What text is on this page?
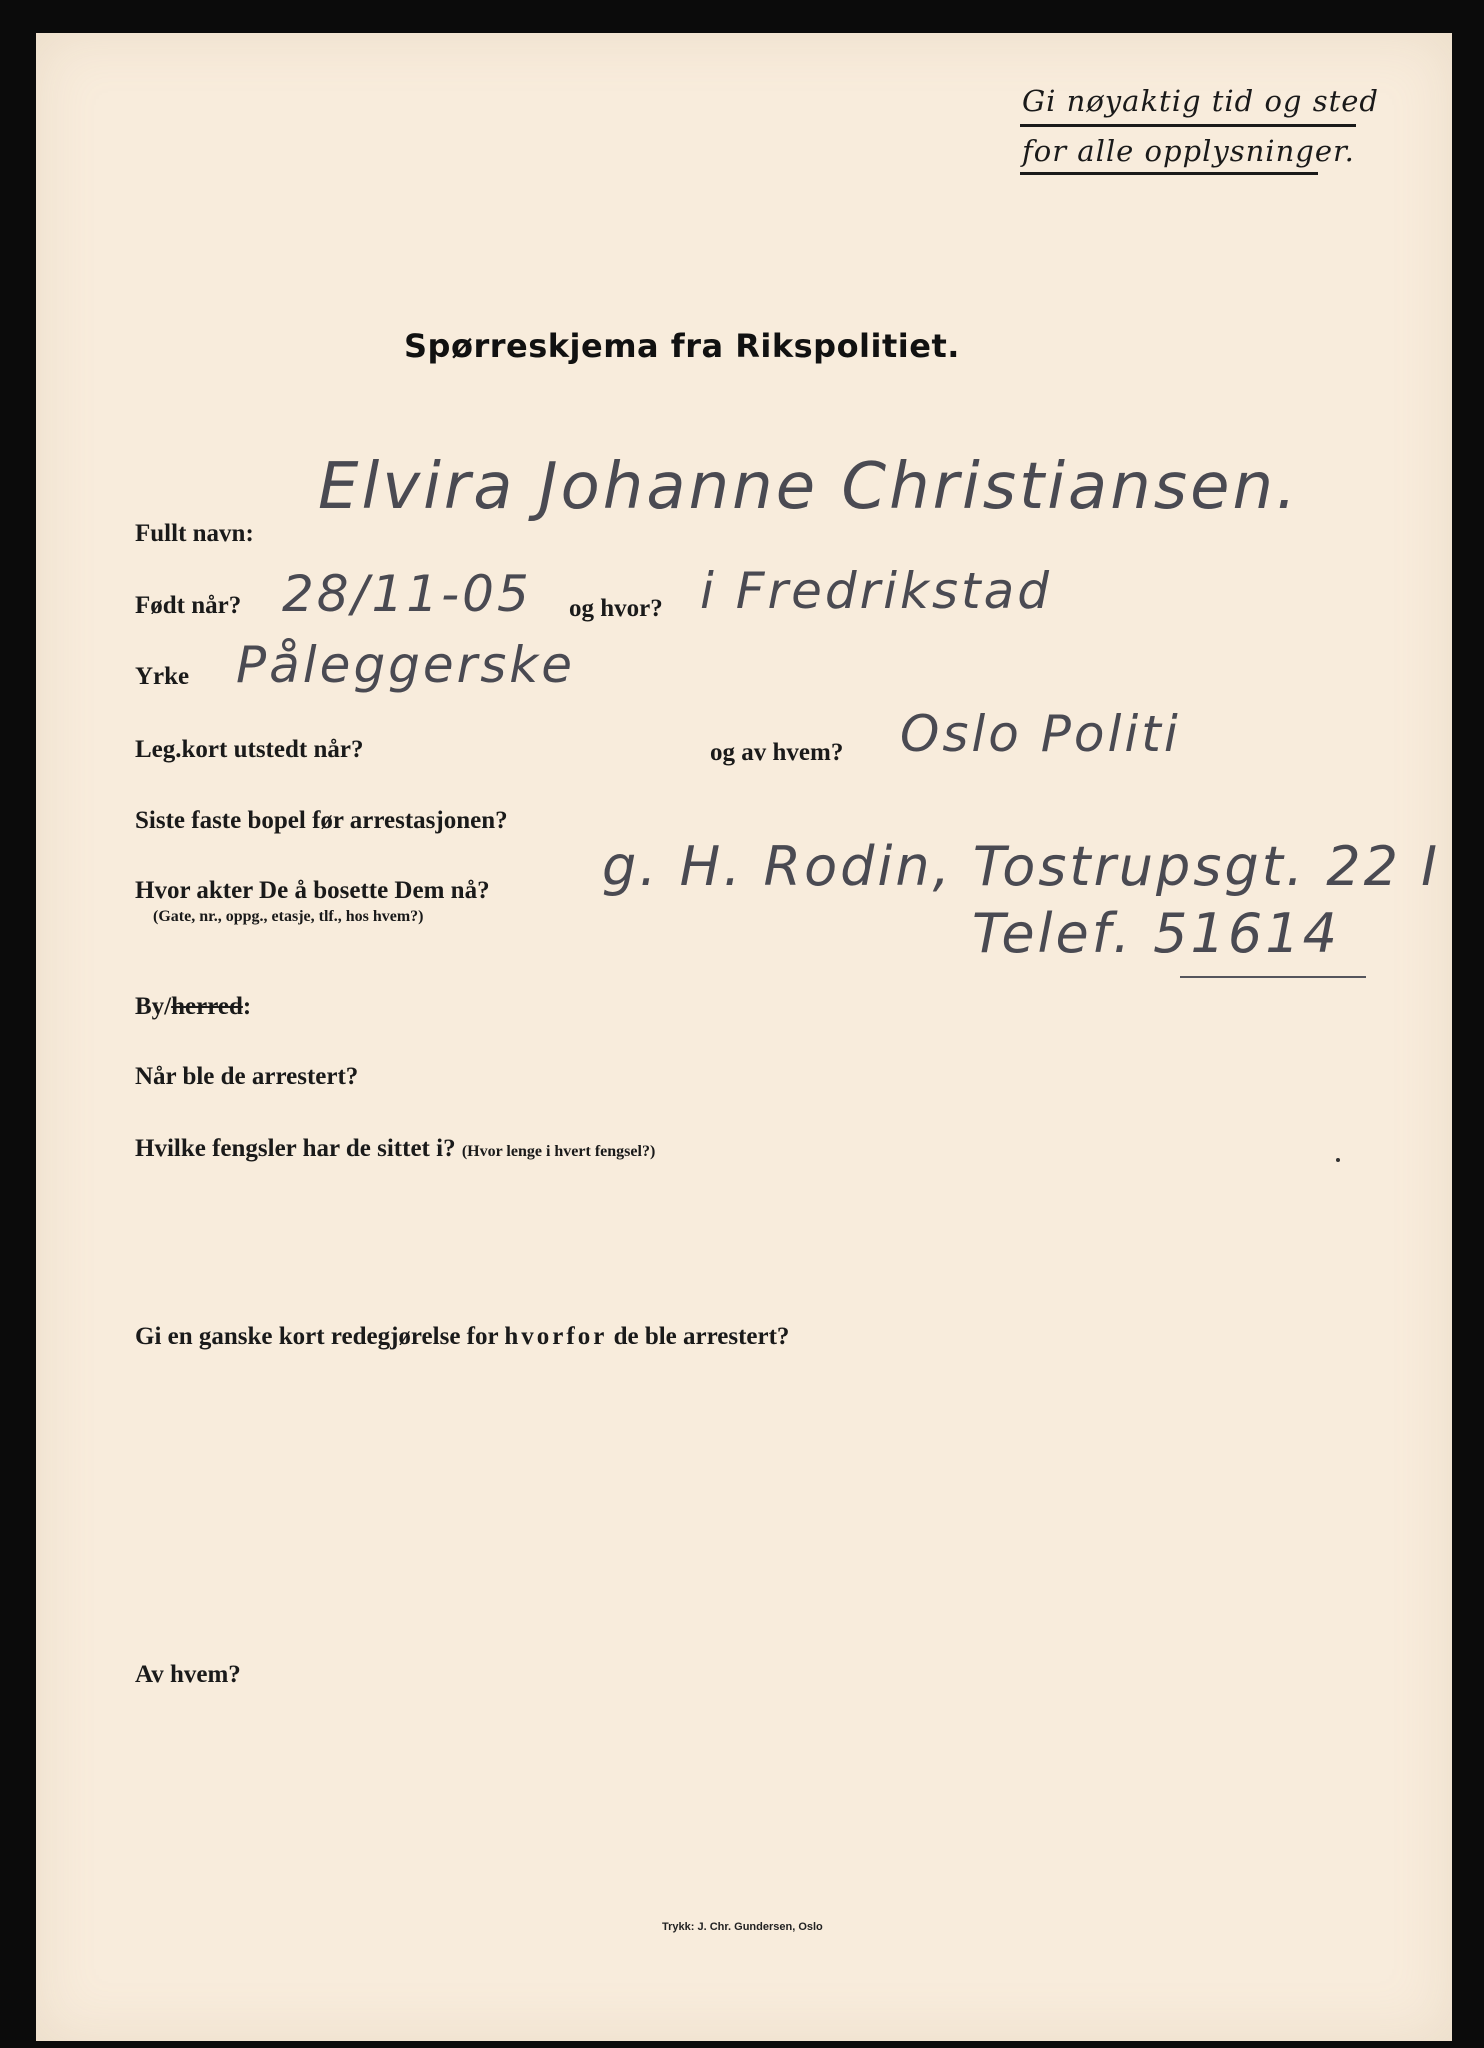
Gi nøyaktig tid og sted
for alle opplysninger.
Spørreskjema fra Rikspolitiet.
Fullt navn:
Elvira Johanne Christiansen.
Født når? 28/11-05 og hvor? i Fredrikstad
Yrke Påleggerske
Leg.kort utstedt når?	og av hvem? Oslo Politi
Siste faste bopel før arrestasjonen?
Hvor akter De å bosette Dem nå?
(Gate, nr., oppg., etasje, tlf., hos hvem?)
g. H. Rodin, Tostrupsgt. 22 I
Telef. 51614
By/herred:
Når ble de arrestert?
Hvilke fengsler har de sittet i? (Hvor lenge i hvert fengsel?)
Gi en ganske kort redegjørelse for hvorfor de ble arrestert?
Av hvem?
Trykk: J. Chr. Gundersen, Oslo
